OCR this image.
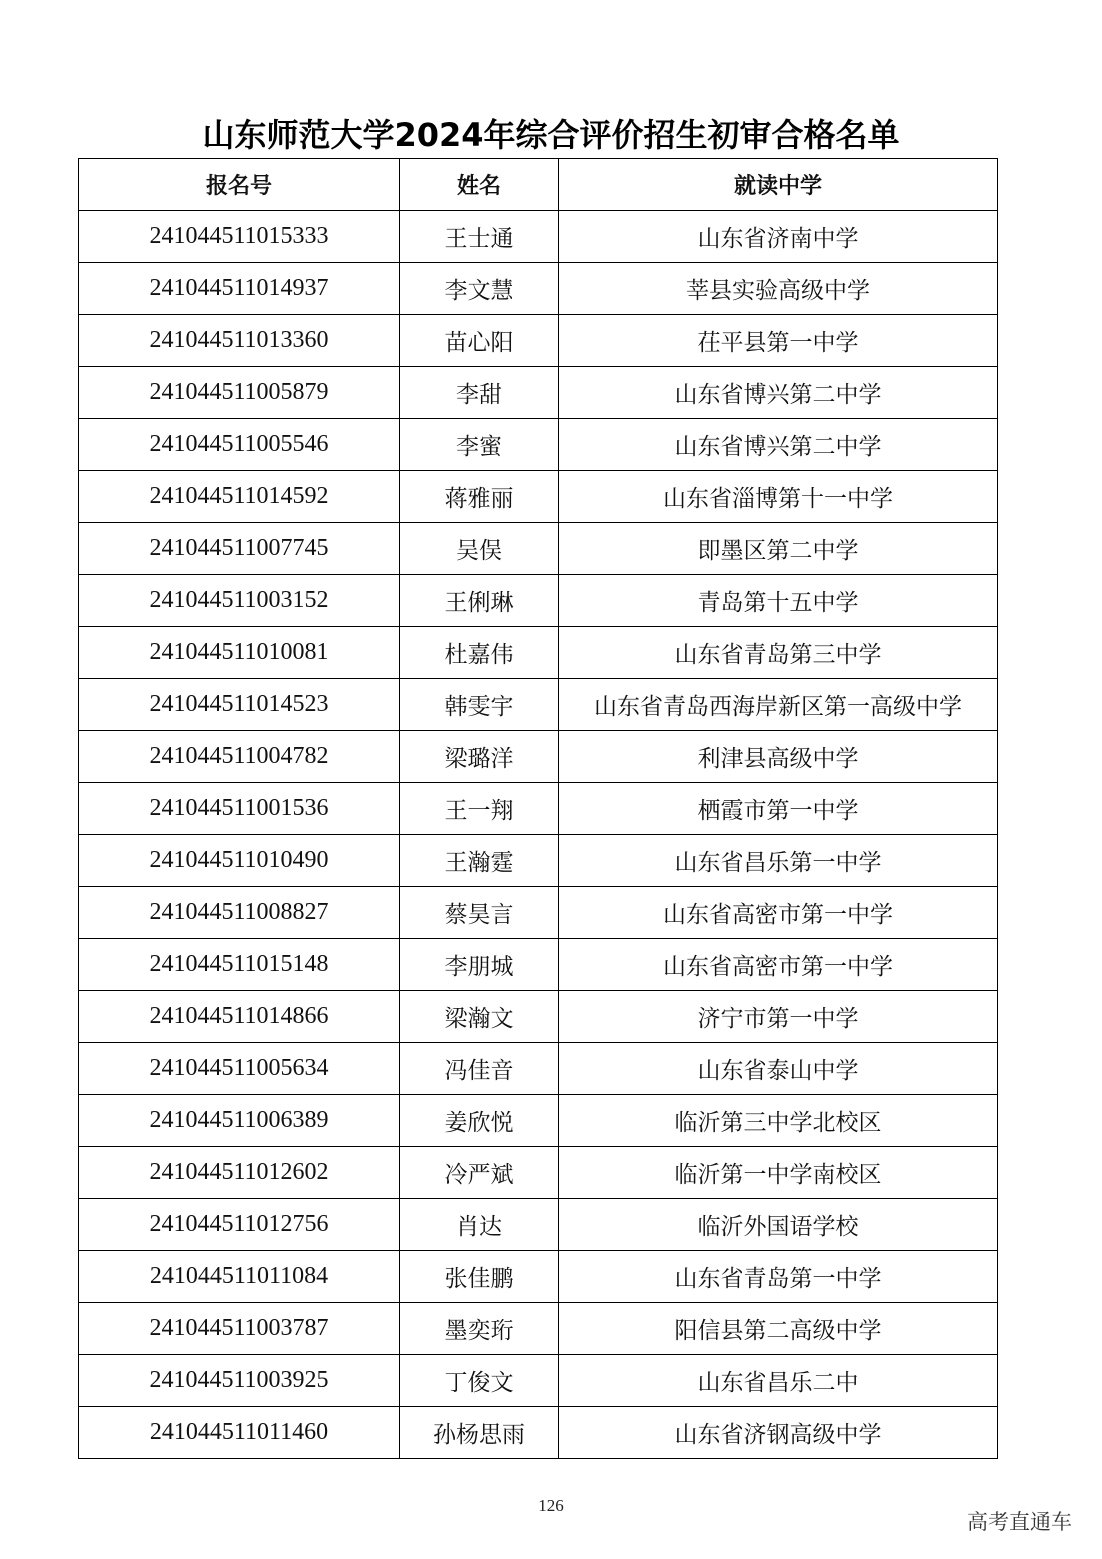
山东师范大学2024年综合评价招生初审合格名单
报名号	姓名	就读中学
241044511015333	王士通	山东省济南中学
241044511014937	李文慧	莘县实验高级中学
241044511013360	苗心阳	茌平县第一中学
241044511005879	李甜	山东省博兴第二中学
241044511005546	李蜜	山东省博兴第二中学
241044511014592	蒋雅丽	山东省淄博第十一中学
241044511007745	吴俣	即墨区第二中学
241044511003152	王俐琳	青岛第十五中学
241044511010081	杜嘉伟	山东省青岛第三中学
241044511014523	韩雯宇	山东省青岛西海岸新区第一高级中学
241044511004782	梁璐洋	利津县高级中学
241044511001536	王一翔	栖霞市第一中学
241044511010490	王瀚霆	山东省昌乐第一中学
241044511008827	蔡昊言	山东省高密市第一中学
241044511015148	李朋城	山东省高密市第一中学
241044511014866	梁瀚文	济宁市第一中学
241044511005634	冯佳音	山东省泰山中学
241044511006389	姜欣悦	临沂第三中学北校区
241044511012602	冷严斌	临沂第一中学南校区
241044511012756	肖达	临沂外国语学校
241044511011084	张佳鹏	山东省青岛第一中学
241044511003787	墨奕珩	阳信县第二高级中学
241044511003925	丁俊文	山东省昌乐二中
241044511011460	孙杨思雨	山东省济钢高级中学
126
高考直通车
